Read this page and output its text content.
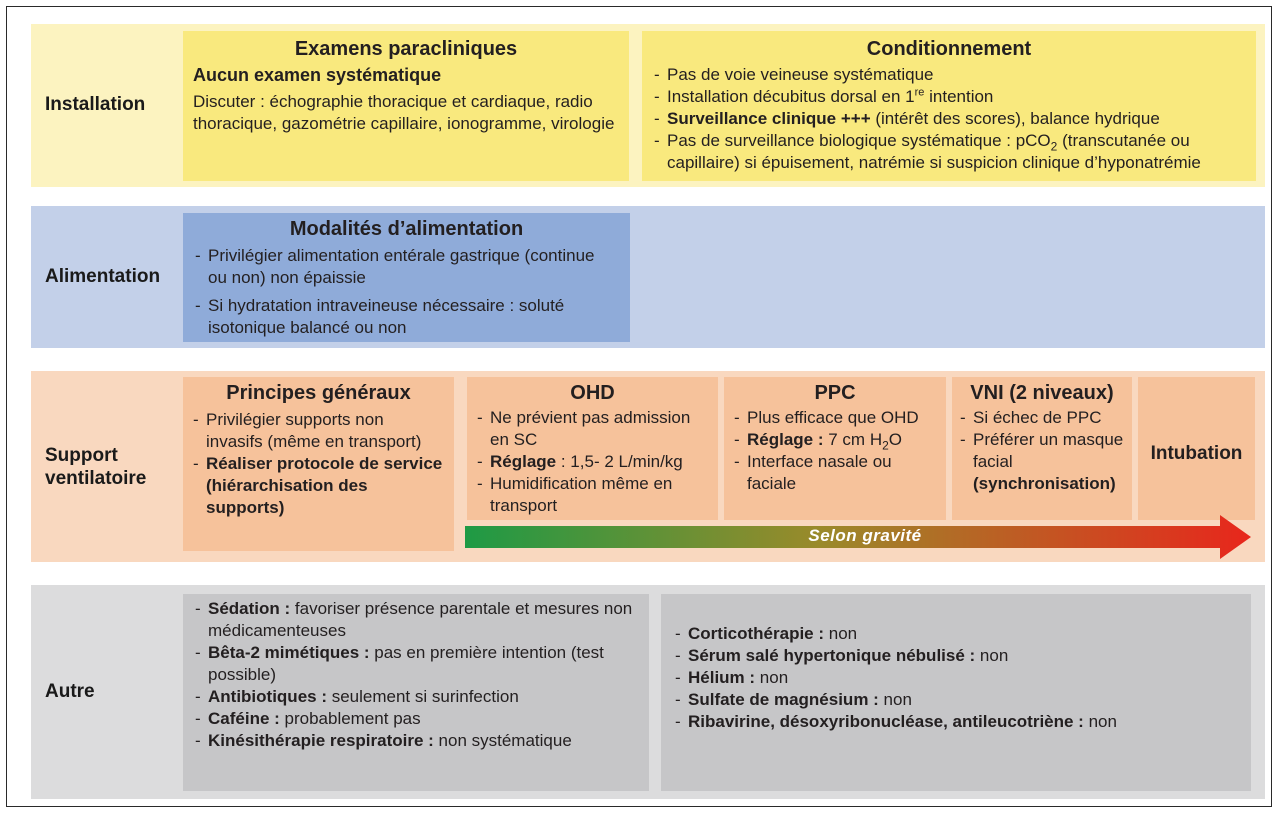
Installation
Examens paracliniques
Aucun examen systématique
Discuter : échographie thoracique et cardiaque, radio thoracique, gazométrie capillaire, ionogramme, virologie
Conditionnement
- Pas de voie veineuse systématique
- Installation décubitus dorsal en 1re intention
- Surveillance clinique +++ (intérêt des scores), balance hydrique
- Pas de surveillance biologique systématique : pCO$_2$ (transcutanée ou capillaire) si épuisement, natrémie si suspicion clinique d’hyponatrémie
Alimentation
Modalités d’alimentation
- Privilégier alimentation entérale gastrique (continue ou non) non épaissie
- Si hydratation intraveineuse nécessaire : soluté isotonique balancé ou non
Support
ventilatoire
Principes généraux
- Privilégier supports non invasifs (même en transport)
- Réaliser protocole de service (hiérarchisation des supports)
OHD
- Ne prévient pas admission en SC
- Réglage : 1,5- 2 L/min/kg
- Humidification même en transport
PPC
- Plus efficace que OHD
- Réglage : 7 cm $H_2O$
- Interface nasale ou faciale
VNI (2 niveaux)
- Si échec de PPC
- Préférer un masque facial (synchronisation)
Intubation
Selon gravité
Autre
- Sédation : favoriser présence parentale et mesures non médicamenteuses
- Bêta-2 mimétiques : pas en première intention (test possible)
- Antibiotiques : seulement si surinfection
- Caféine : probablement pas
- Kinésithérapie respiratoire : non systématique
- Corticothérapie : non
- Sérum salé hypertonique nébulisé : non
- Hélium : non
- Sulfate de magnésium : non
- Ribavirine, désoxyribonucléase, antileucotriène : non
